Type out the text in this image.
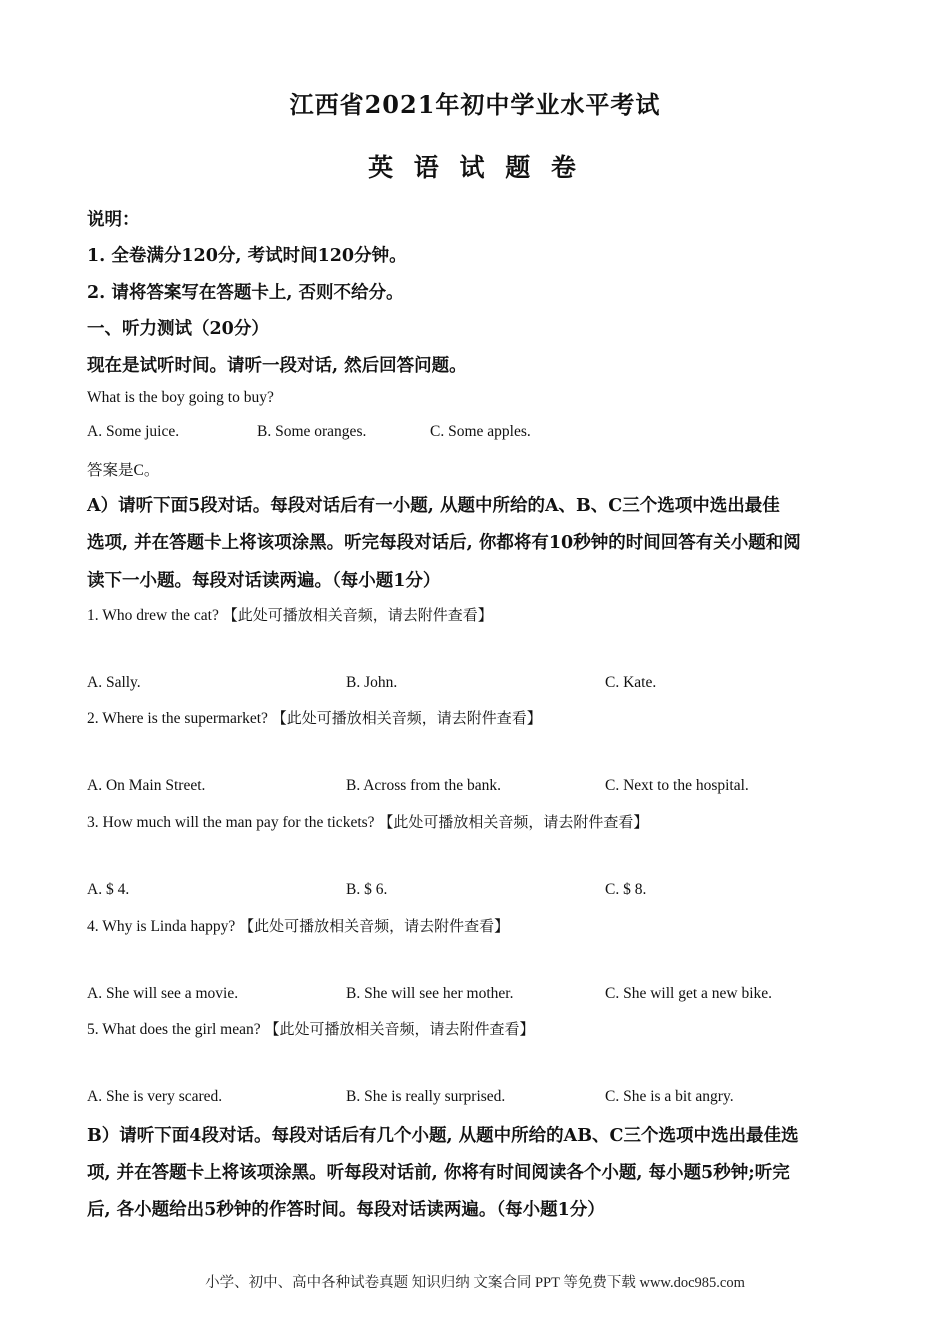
江西省2021年初中学业水平考试
英 语 试 题 卷
说明：
1. 全卷满分120分, 考试时间120分钟。
2. 请将答案写在答题卡上, 否则不给分。
一、听力测试（20分）
现在是试听时间。请听一段对话, 然后回答问题。
What is the boy going to buy?
A. Some juice.	B. Some oranges.	C. Some apples.
答案是C。
A）请听下面5段对话。每段对话后有一小题, 从题中所给的A、B、C三个选项中选出最佳
选项, 并在答题卡上将该项涂黑。听完每段对话后, 你都将有10秒钟的时间回答有关小题和阅
读下一小题。每段对话读两遍。（每小题1分）
1. Who drew the cat? 【此处可播放相关音频，请去附件查看】
A. Sally.	B. John.	C. Kate.
2. Where is the supermarket? 【此处可播放相关音频，请去附件查看】
A. On Main Street.	B. Across from the bank.	C. Next to the hospital.
3. How much will the man pay for the tickets? 【此处可播放相关音频，请去附件查看】
A. $ 4.	B. $ 6.	C. $ 8.
4. Why is Linda happy? 【此处可播放相关音频，请去附件查看】
A. She will see a movie.	B. She will see her mother.	C. She will get a new bike.
5. What does the girl mean? 【此处可播放相关音频，请去附件查看】
A. She is very scared.	B. She is really surprised.	C. She is a bit angry.
B）请听下面4段对话。每段对话后有几个小题, 从题中所给的AB、C三个选项中选出最佳选
项, 并在答题卡上将该项涂黑。听每段对话前, 你将有时间阅读各个小题, 每小题5秒钟;听完
后, 各小题给出5秒钟的作答时间。每段对话读两遍。（每小题1分）
小学、初中、高中各种试卷真题 知识归纳 文案合同 PPT 等免费下载 www.doc985.com
